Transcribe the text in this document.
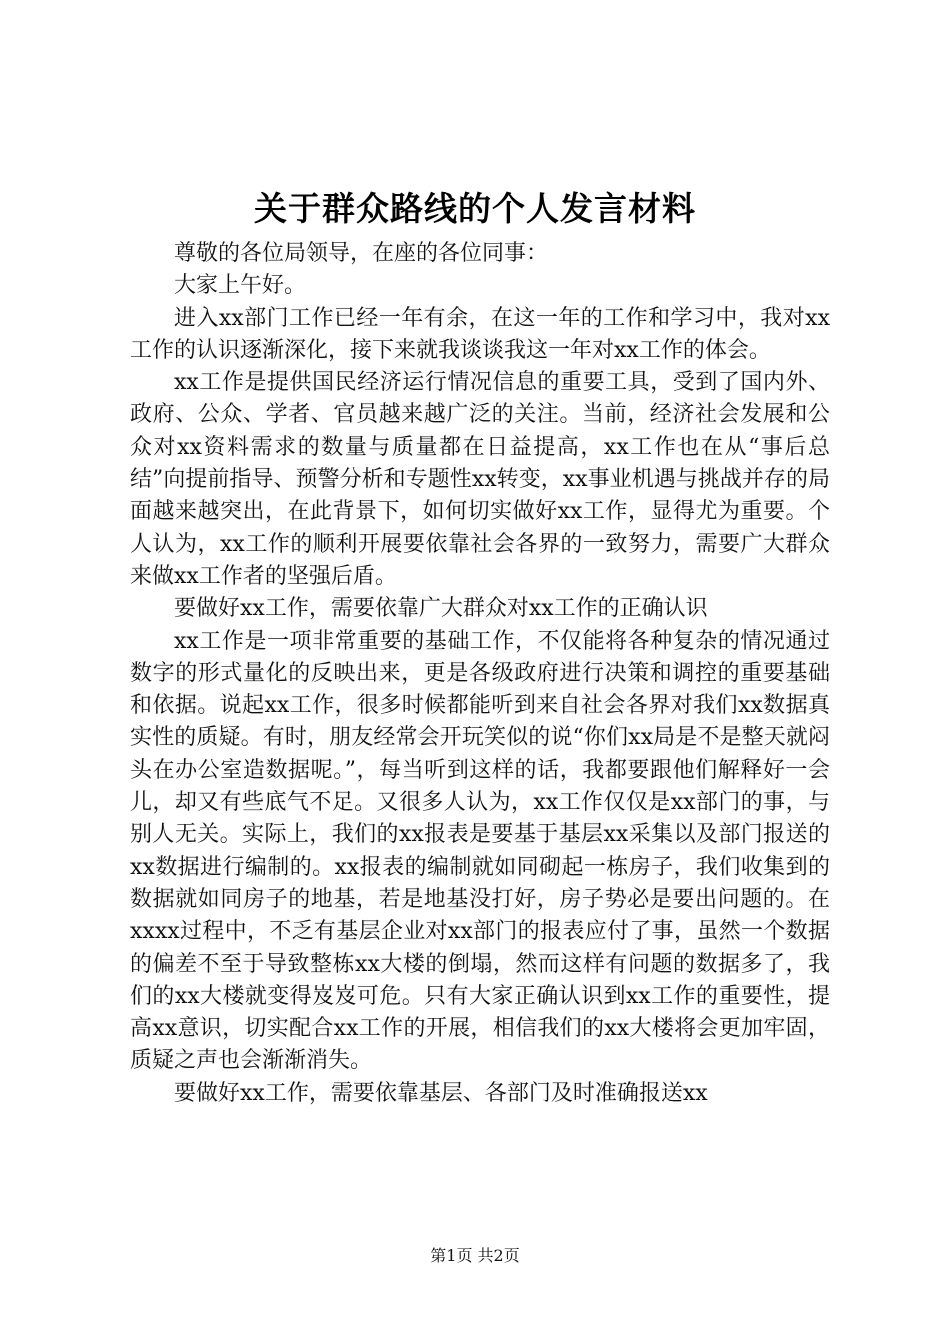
关于群众路线的个人发言材料

尊敬的各位局领导，在座的各位同事：

大家上午好。

进入xx部门工作已经一年有余，在这一年的工作和学习中，我对xx工作的认识逐渐深化，接下来就我谈谈我这一年对xx工作的体会。

xx工作是提供国民经济运行情况信息的重要工具，受到了国内外、政府、公众、学者、官员越来越广泛的关注。当前，经济社会发展和公众对xx资料需求的数量与质量都在日益提高，xx工作也在从“事后总结”向提前指导、预警分析和专题性xx转变，xx事业机遇与挑战并存的局面越来越突出，在此背景下，如何切实做好xx工作，显得尤为重要。个人认为，xx工作的顺利开展要依靠社会各界的一致努力，需要广大群众来做xx工作者的坚强后盾。

要做好xx工作，需要依靠广大群众对xx工作的正确认识

xx工作是一项非常重要的基础工作，不仅能将各种复杂的情况通过数字的形式量化的反映出来，更是各级政府进行决策和调控的重要基础和依据。说起xx工作，很多时候都能听到来自社会各界对我们xx数据真实性的质疑。有时，朋友经常会开玩笑似的说“你们xx局是不是整天就闷头在办公室造数据呢。”，每当听到这样的话，我都要跟他们解释好一会儿，却又有些底气不足。又很多人认为，xx工作仅仅是xx部门的事，与别人无关。实际上，我们的xx报表是要基于基层xx采集以及部门报送的xx数据进行编制的。xx报表的编制就如同砌起一栋房子，我们收集到的数据就如同房子的地基，若是地基没打好，房子势必是要出问题的。在xxxx过程中，不乏有基层企业对xx部门的报表应付了事，虽然一个数据的偏差不至于导致整栋xx大楼的倒塌，然而这样有问题的数据多了，我们的xx大楼就变得岌岌可危。只有大家正确认识到xx工作的重要性，提高xx意识，切实配合xx工作的开展，相信我们的xx大楼将会更加牢固，质疑之声也会渐渐消失。

要做好xx工作，需要依靠基层、各部门及时准确报送xx

第1页 共2页
